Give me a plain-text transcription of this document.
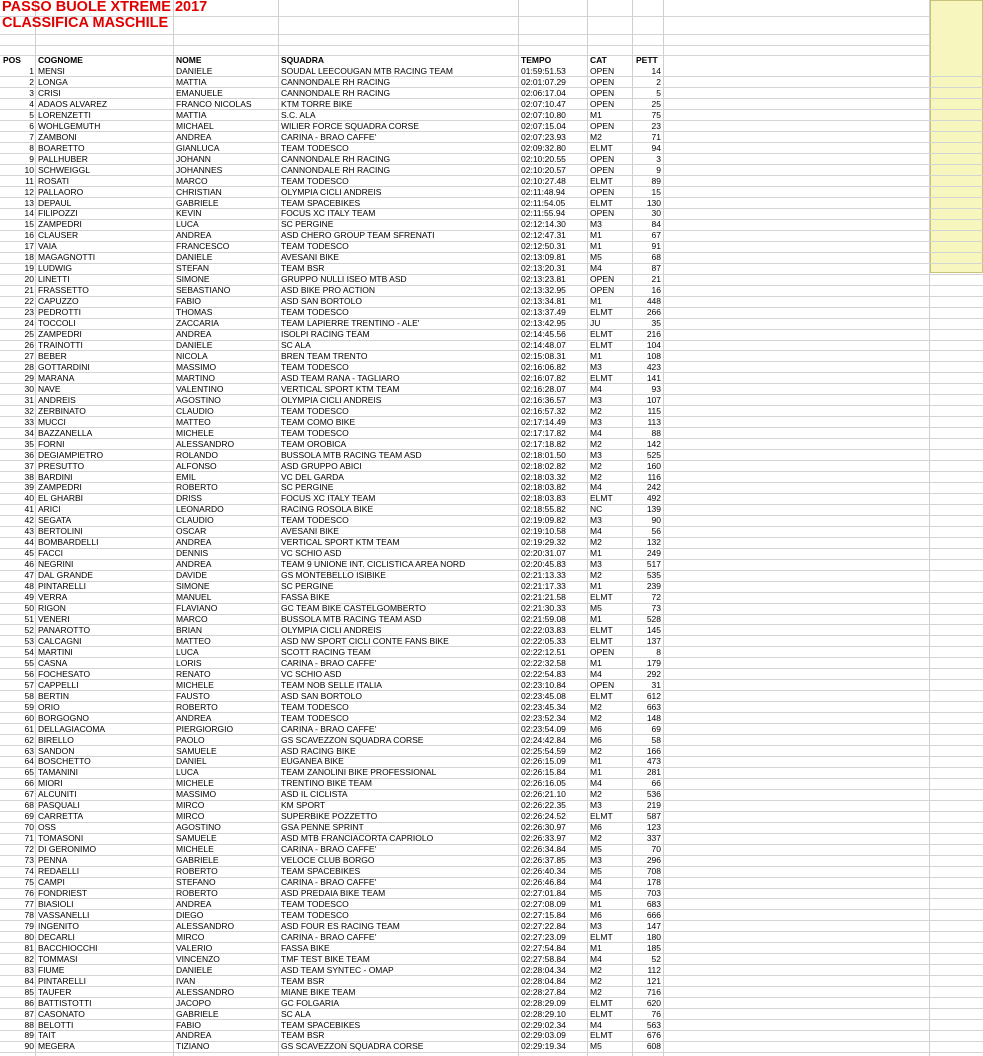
PASSO BUOLE XTREME 2017
CLASSIFICA MASCHILE
POS COGNOME	NOME	SQUADRA	TEMPO	CAT	PETT
1 MENSI	DANIELE	SOUDAL LEECOUGAN MTB RACING TEAM	01:59:51.53	OPEN	14
2 LONGA	MATTIA	CANNONDALE RH RACING	02:01:07.29	OPEN	2
3 CRISI	EMANUELE	CANNONDALE RH RACING	02:06:17.04	OPEN	5
4 ADAOS ALVAREZ	FRANCO NICOLAS	KTM TORRE BIKE	02:07:10.47	OPEN	25
5 LORENZETTI	MATTIA	S.C. ALA	02:07:10.80	M1	75
6 WOHLGEMUTH	MICHAEL	WILIER FORCE SQUADRA CORSE	02:07:15.04	OPEN	23
7 ZAMBONI	ANDREA	CARINA - BRAO CAFFE'	02:07:23.93	M2	71
8 BOARETTO	GIANLUCA	TEAM TODESCO	02:09:32.80	ELMT	94
9 PALLHUBER	JOHANN	CANNONDALE RH RACING	02:10:20.55	OPEN	3
10 SCHWEIGGL	JOHANNES	CANNONDALE RH RACING	02:10:20.57	OPEN	9
11 ROSATI	MARCO	TEAM TODESCO	02:10:27.48	ELMT	89
12 PALLAORO	CHRISTIAN	OLYMPIA CICLI ANDREIS	02:11:48.94	OPEN	15
13 DEPAUL	GABRIELE	TEAM SPACEBIKES	02:11:54.05	ELMT	130
14 FILIPOZZI	KEVIN	FOCUS XC ITALY TEAM	02:11:55.94	OPEN	30
15 ZAMPEDRI	LUCA	SC PERGINE	02:12:14.30	M3	84
16 CLAUSER	ANDREA	ASD CHERO GROUP TEAM SFRENATI	02:12:47.31	M1	67
17 VAIA	FRANCESCO	TEAM TODESCO	02:12:50.31	M1	91
18 MAGAGNOTTI	DANIELE	AVESANI BIKE	02:13:09.81	M5	68
19 LUDWIG	STEFAN	TEAM BSR	02:13:20.31	M4	87
20 LINETTI	SIMONE	GRUPPO NULLI ISEO MTB ASD	02:13:23.81	OPEN	21
21 FRASSETTO	SEBASTIANO	ASD BIKE PRO ACTION	02:13:32.95	OPEN	16
22 CAPUZZO	FABIO	ASD SAN BORTOLO	02:13:34.81	M1	448
23 PEDROTTI	THOMAS	TEAM TODESCO	02:13:37.49	ELMT	266
24 TOCCOLI	ZACCARIA	TEAM LAPIERRE TRENTINO - ALE'	02:13:42.95	JU	35
25 ZAMPEDRI	ANDREA	ISOLPI RACING TEAM	02:14:45.56	ELMT	216
26 TRAINOTTI	DANIELE	SC ALA	02:14:48.07	ELMT	104
27 BEBER	NICOLA	BREN TEAM TRENTO	02:15:08.31	M1	108
28 GOTTARDINI	MASSIMO	TEAM TODESCO	02:16:06.82	M3	423
29 MARANA	MARTINO	ASD TEAM RANA - TAGLIARO	02:16:07.82	ELMT	141
30 NAVE	VALENTINO	VERTICAL SPORT KTM TEAM	02:16:28.07	M4	93
31 ANDREIS	AGOSTINO	OLYMPIA CICLI ANDREIS	02:16:36.57	M3	107
32 ZERBINATO	CLAUDIO	TEAM TODESCO	02:16:57.32	M2	115
33 MUCCI	MATTEO	TEAM COMO BIKE	02:17:14.49	M3	113
34 BAZZANELLA	MICHELE	TEAM TODESCO	02:17:17.82	M4	88
35 FORNI	ALESSANDRO	TEAM OROBICA	02:17:18.82	M2	142
36 DEGIAMPIETRO	ROLANDO	BUSSOLA MTB RACING TEAM ASD	02:18:01.50	M3	525
37 PRESUTTO	ALFONSO	ASD GRUPPO ABICI	02:18:02.82	M2	160
38 BARDINI	EMIL	VC DEL GARDA	02:18:03.32	M2	116
39 ZAMPEDRI	ROBERTO	SC PERGINE	02:18:03.82	M4	242
40 EL GHARBI	DRISS	FOCUS XC ITALY TEAM	02:18:03.83	ELMT	492
41 ARICI	LEONARDO	RACING ROSOLA BIKE	02:18:55.82	NC	139
42 SEGATA	CLAUDIO	TEAM TODESCO	02:19:09.82	M3	90
43 BERTOLINI	OSCAR	AVESANI BIKE	02:19:10.58	M4	56
44 BOMBARDELLI	ANDREA	VERTICAL SPORT KTM TEAM	02:19:29.32	M2	132
45 FACCI	DENNIS	VC SCHIO ASD	02:20:31.07	M1	249
46 NEGRINI	ANDREA	TEAM 9 UNIONE INT. CICLISTICA AREA NORD	02:20:45.83	M3	517
47 DAL GRANDE	DAVIDE	GS MONTEBELLO ISIBIKE	02:21:13.33	M2	535
48 PINTARELLI	SIMONE	SC PERGINE	02:21:17.33	M1	239
49 VERRA	MANUEL	FASSA BIKE	02:21:21.58	ELMT	72
50 RIGON	FLAVIANO	GC TEAM BIKE CASTELGOMBERTO	02:21:30.33	M5	73
51 VENERI	MARCO	BUSSOLA MTB RACING TEAM ASD	02:21:59.08	M1	528
52 PANAROTTO	BRIAN	OLYMPIA CICLI ANDREIS	02:22:03.83	ELMT	145
53 CALCAGNI	MATTEO	ASD NW SPORT CICLI CONTE FANS BIKE	02:22:05.33	ELMT	137
54 MARTINI	LUCA	SCOTT RACING TEAM	02:22:12.51	OPEN	8
55 CASNA	LORIS	CARINA - BRAO CAFFE'	02:22:32.58	M1	179
56 FOCHESATO	RENATO	VC SCHIO ASD	02:22:54.83	M4	292
57 CAPPELLI	MICHELE	TEAM NOB SELLE ITALIA	02:23:10.84	OPEN	31
58 BERTIN	FAUSTO	ASD SAN BORTOLO	02:23:45.08	ELMT	612
59 ORIO	ROBERTO	TEAM TODESCO	02:23:45.34	M2	663
60 BORGOGNO	ANDREA	TEAM TODESCO	02:23:52.34	M2	148
61 DELLAGIACOMA	PIERGIORGIO	CARINA - BRAO CAFFE'	02:23:54.09	M6	69
62 BIRELLO	PAOLO	GS SCAVEZZON SQUADRA CORSE	02:24:42.84	M6	58
63 SANDON	SAMUELE	ASD RACING BIKE	02:25:54.59	M2	166
64 BOSCHETTO	DANIEL	EUGANEA BIKE	02:26:15.09	M1	473
65 TAMANINI	LUCA	TEAM ZANOLINI BIKE PROFESSIONAL	02:26:15.84	M1	281
66 MIORI	MICHELE	TRENTINO BIKE TEAM	02:26:16.05	M4	66
67 ALCUNITI	MASSIMO	ASD IL CICLISTA	02:26:21.10	M2	536
68 PASQUALI	MIRCO	KM SPORT	02:26:22.35	M3	219
69 CARRETTA	MIRCO	SUPERBIKE POZZETTO	02:26:24.52	ELMT	587
70 OSS	AGOSTINO	GSA PENNE SPRINT	02:26:30.97	M6	123
71 TOMASONI	SAMUELE	ASD MTB FRANCIACORTA CAPRIOLO	02:26:33.97	M2	337
72 DI GERONIMO	MICHELE	CARINA - BRAO CAFFE'	02:26:34.84	M5	70
73 PENNA	GABRIELE	VELOCE CLUB BORGO	02:26:37.85	M3	296
74 REDAELLI	ROBERTO	TEAM SPACEBIKES	02:26:40.34	M5	708
75 CAMPI	STEFANO	CARINA - BRAO CAFFE'	02:26:46.84	M4	178
76 FONDRIEST	ROBERTO	ASD PREDAIA BIKE TEAM	02:27:01.84	M5	703
77 BIASIOLI	ANDREA	TEAM TODESCO	02:27:08.09	M1	683
78 VASSANELLI	DIEGO	TEAM TODESCO	02:27:15.84	M6	666
79 INGENITO	ALESSANDRO	ASD FOUR ES RACING TEAM	02:27:22.84	M3	147
80 DECARLI	MIRCO	CARINA - BRAO CAFFE'	02:27:23.09	ELMT	180
81 BACCHIOCCHI	VALERIO	FASSA BIKE	02:27:54.84	M1	185
82 TOMMASI	VINCENZO	TMF TEST BIKE TEAM	02:27:58.84	M4	52
83 FIUME	DANIELE	ASD TEAM SYNTEC - OMAP	02:28:04.34	M2	112
84 PINTARELLI	IVAN	TEAM BSR	02:28:04.84	M2	121
85 TAUFER	ALESSANDRO	MIANE BIKE TEAM	02:28:27.84	M2	716
86 BATTISTOTTI	JACOPO	GC FOLGARIA	02:28:29.09	ELMT	620
87 CASONATO	GABRIELE	SC ALA	02:28:29.10	ELMT	76
88 BELOTTI	FABIO	TEAM SPACEBIKES	02:29:02.34	M4	563
89 TAIT	ANDREA	TEAM BSR	02:29:03.09	ELMT	676
90 MEGERA	TIZIANO	GS SCAVEZZON SQUADRA CORSE	02:29:19.34	M5	608
